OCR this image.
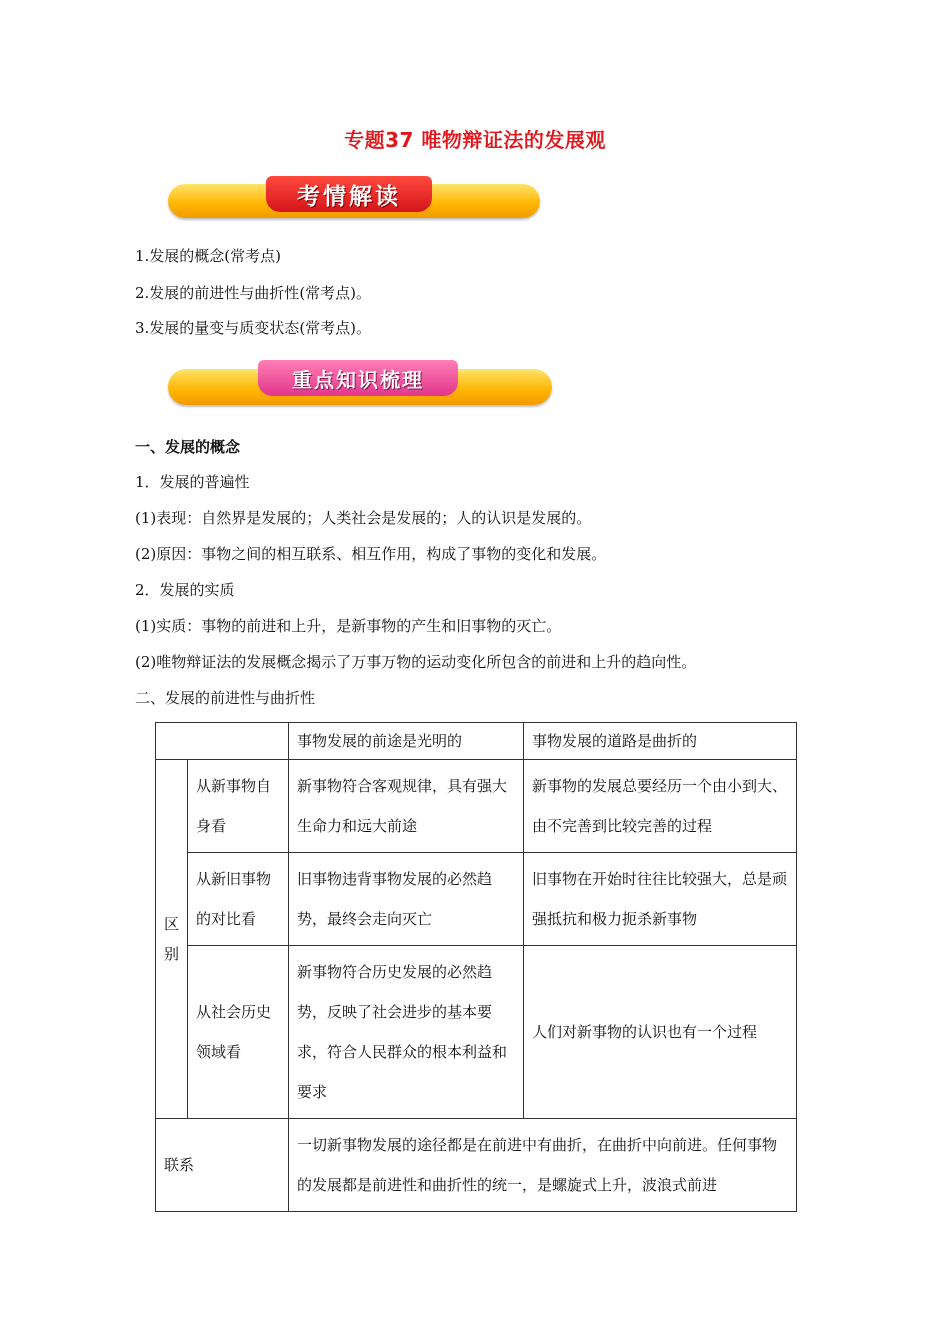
专题37 唯物辩证法的发展观
考情解读
1.发展的概念(常考点)
2.发展的前进性与曲折性(常考点)。
3.发展的量变与质变状态(常考点)。
重点知识梳理
一、发展的概念
1．发展的普遍性
(1)表现：自然界是发展的；人类社会是发展的；人的认识是发展的。
(2)原因：事物之间的相互联系、相互作用，构成了事物的变化和发展。
2．发展的实质
(1)实质：事物的前进和上升，是新事物的产生和旧事物的灭亡。
(2)唯物辩证法的发展概念揭示了万事万物的运动变化所包含的前进和上升的趋向性。
二、发展的前进性与曲折性
		事物发展的前途是光明的	事物发展的道路是曲折的
区别	从新事物自身看	新事物符合客观规律，具有强大生命力和远大前途	新事物的发展总要经历一个由小到大、由不完善到比较完善的过程
	从新旧事物的对比看	旧事物违背事物发展的必然趋势，最终会走向灭亡	旧事物在开始时往往比较强大，总是顽强抵抗和极力扼杀新事物
	从社会历史领域看	新事物符合历史发展的必然趋势，反映了社会进步的基本要求，符合人民群众的根本利益和要求	人们对新事物的认识也有一个过程
联系		一切新事物发展的途径都是在前进中有曲折，在曲折中向前进。任何事物的发展都是前进性和曲折性的统一，是螺旋式上升，波浪式前进	
